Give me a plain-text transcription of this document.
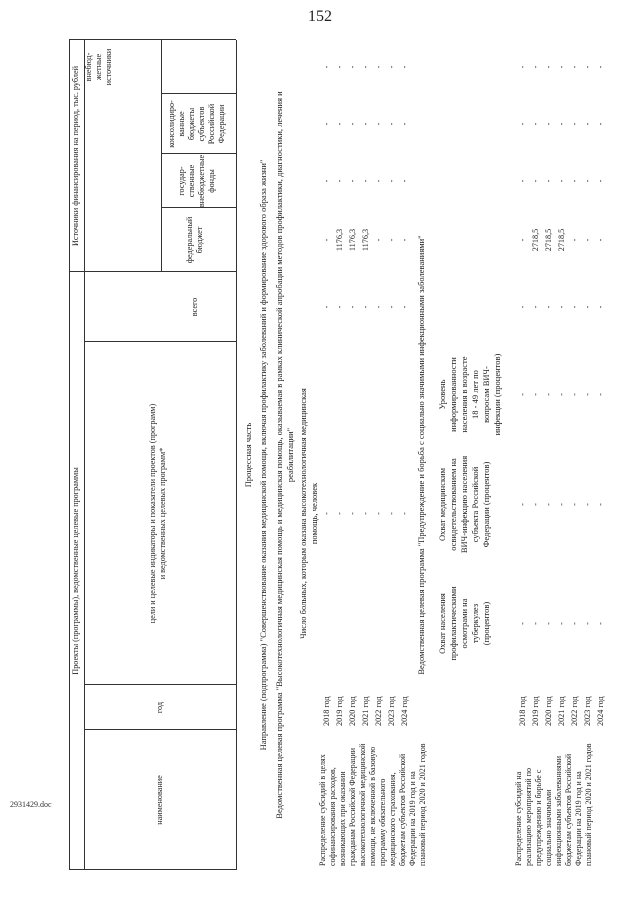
152
Проекты (программы), ведомственные целевые программы
Источники финансирования на период, тыс. рублей
наименование
год
цели и целевые индикаторы и показатели проектов (программ) и ведомственных целевых программ*
всего
федеральный бюджет
государ- ственные внебюджетные фонды
консолидиро- ванные бюджеты субъектов Российской Федерации
внебюд- жетные источники
Процессная часть Направление (подпрограмма) "Совершенствование оказания медицинской помощи, включая профилактику заболеваний и формирование здорового образа жизни" Ведомственная целевая программа "Высокотехнологичная медицинская помощь и медицинская помощь, оказываемая в рамках клинической апробации методов профилактики, диагностики, лечения и реабилитации"
Распределение субсидий в целях софинансирования расходов, возникающих при оказании гражданам Российской Федерации высокотехнологичной медицинской помощи, не включенной в базовую программу обязательного медицинского страхования, бюджетам субъектов Российской Федерации на 2019 год и на плановый период 2020 и 2021 годов
Число больных, которым оказана высокотехнологичная медицинская помощь, человек
2018 год
-
-
-
-
-
-
2019 год
-
-
1176,3
-
-
-
2020 год
-
-
1176,3
-
-
-
2021 год
-
-
1176,3
-
-
-
2022 год
-
-
-
-
-
-
2023 год
-
-
-
-
-
-
2024 год
-
-
-
-
-
-
Ведомственная целевая программа "Предупреждение и борьба с социально значимыми инфекционными заболеваниями" Охват населения профилактическими осмотрами на туберкулез (процентов)
Охват медицинским освидетельствованием на ВИЧ-инфекцию населения субъекта Российской Федерации (процентов)
Уровень информированности населения в возрасте 18 - 49 лет по вопросам ВИЧ- инфекции (процентов)
Распределение субсидий на реализацию мероприятий по предупреждению и борьбе с социально значимыми инфекционными заболеваниями бюджетам субъектов Российской Федерации на 2019 год и на плановый период 2020 и 2021 годов
2018 год
-
-
-
-
-
-
-
-
2019 год
-
-
-
-
2718,5
-
-
-
2020 год
-
-
-
-
2718,5
-
-
-
2021 год
-
-
-
-
2718,5
-
-
-
2022 год
-
-
-
-
-
-
-
-
2023 год
-
-
-
-
-
-
-
-
2024 год
-
-
-
-
-
-
-
-
2931429.doc
